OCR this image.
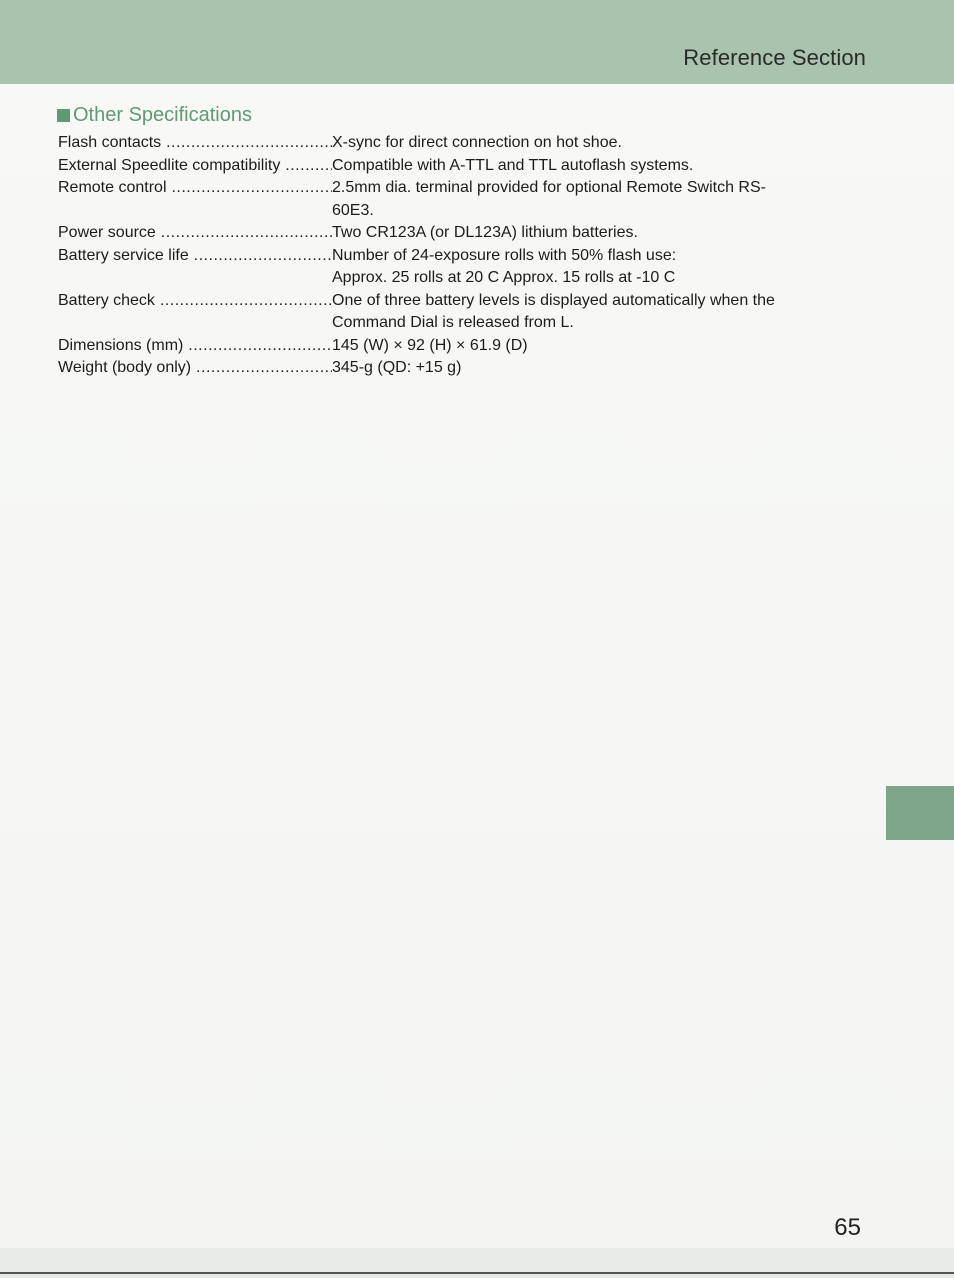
Reference Section
Other Specifications
Flash contacts .....	X-sync for direct connection on hot shoe.
External Speedlite compatibility .....	Compatible with A-TTL and TTL autoflash systems.
Remote control .....	2.5mm dia. terminal provided for optional Remote Switch RS-
60E3.
Power source .....	Two CR123A (or DL123A) lithium batteries.
Battery service life .....	Number of 24-exposure rolls with 50% flash use:
Approx. 25 rolls at 20 C Approx. 15 rolls at -10 C
Battery check .....	One of three battery levels is displayed automatically when the
Command Dial is released from L.
Dimensions (mm) .....	145 (W) × 92 (H) × 61.9 (D)
Weight (body only) .....	345-g (QD: +15 g)
65
